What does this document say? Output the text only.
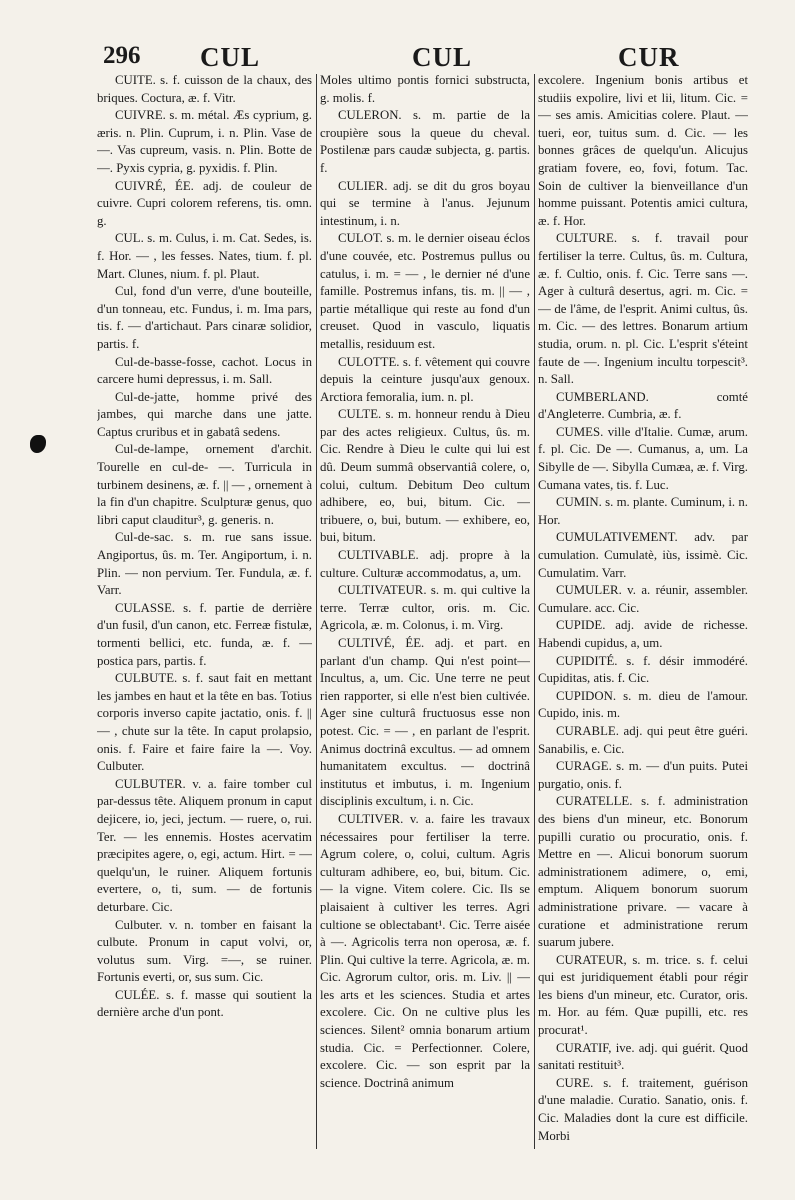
296 CUL	CUL	CUR

CUITE. s. f. cuisson de la chaux, des briques. Coctura, æ. f. Vitr.

CUIVRE. s. m. métal. Æs cyprium, g. æris. n. Plin. Cuprum, i. n. Plin. Vase de —. Vas cupreum, vasis. n. Plin. Botte de —. Pyxis cypria, g. pyxidis. f. Plin.

CUIVRÉ, ÉE. adj. de couleur de cuivre. Cupri colorem referens, tis. omn. g.

CUL. s. m. Culus, i. m. Cat. Sedes, is. f. Hor. — , les fesses. Nates, tium. f. pl. Mart. Clunes, nium. f. pl. Plaut.

Cul, fond d'un verre, d'une bouteille, d'un tonneau, etc. Fundus, i. m. Ima pars, tis. f. — d'artichaut. Pars cinaræ solidior, partis. f.

Cul-de-basse-fosse, cachot. Locus in carcere humi depressus, i. m. Sall.

Cul-de-jatte, homme privé des jambes, qui marche dans une jatte. Captus cruribus et in gabatâ sedens.

Cul-de-lampe, ornement d'archit. Tourelle en cul-de- —. Turricula in turbinem desinens, æ. f. || — , ornement à la fin d'un chapitre. Sculpturæ genus, quo libri caput clauditur³, g. generis. n.

Cul-de-sac. s. m. rue sans issue. Angiportus, ûs. m. Ter. Angiportum, i. n. Plin. — non pervium. Ter. Fundula, æ. f. Varr.

CULASSE. s. f. partie de derrière d'un fusil, d'un canon, etc. Ferreæ fistulæ, tormenti bellici, etc. funda, æ. f. — postica pars, partis. f.

CULBUTE. s. f. saut fait en mettant les jambes en haut et la tête en bas. Totius corporis inverso capite jactatio, onis. f. || — , chute sur la tête. In caput prolapsio, onis. f. Faire et faire faire la —. Voy. Culbuter.

CULBUTER. v. a. faire tomber cul par-dessus tête. Aliquem pronum in caput dejicere, io, jeci, jectum. — ruere, o, rui. Ter. — les ennemis. Hostes acervatim præcipites agere, o, egi, actum. Hirt. = — quelqu'un, le ruiner. Aliquem fortunis evertere, o, ti, sum. — de fortunis deturbare. Cic.

Culbuter. v. n. tomber en faisant la culbute. Pronum in caput volvi, or, volutus sum. Virg. =—, se ruiner. Fortunis everti, or, sus sum. Cic.

CULÉE. s. f. masse qui soutient la dernière arche d'un pont.

Moles ultimo pontis fornici substructa, g. molis. f.

CULERON. s. m. partie de la croupière sous la queue du cheval. Postilenæ pars caudæ subjecta, g. partis. f.

CULIER. adj. se dit du gros boyau qui se termine à l'anus. Jejunum intestinum, i. n.

CULOT. s. m. le dernier oiseau éclos d'une couvée, etc. Postremus pullus ou catulus, i. m. = — , le dernier né d'une famille. Postremus infans, tis. m. || — , partie métallique qui reste au fond d'un creuset. Quod in vasculo, liquatis metallis, residuum est.

CULOTTE. s. f. vêtement qui couvre depuis la ceinture jusqu'aux genoux. Arctiora femoralia, ium. n. pl.

CULTE. s. m. honneur rendu à Dieu par des actes religieux. Cultus, ûs. m. Cic. Rendre à Dieu le culte qui lui est dû. Deum summâ observantiâ colere, o, colui, cultum. Debitum Deo cultum adhibere, eo, bui, bitum. Cic. — tribuere, o, bui, butum. — exhibere, eo, bui, bitum.

CULTIVABLE. adj. propre à la culture. Culturæ accommodatus, a, um.

CULTIVATEUR. s. m. qui cultive la terre. Terræ cultor, oris. m. Cic. Agricola, æ. m. Colonus, i. m. Virg.

CULTIVÉ, ÉE. adj. et part. en parlant d'un champ. Qui n'est point— Incultus, a, um. Cic. Une terre ne peut rien rapporter, si elle n'est bien cultivée. Ager sine culturâ fructuosus esse non potest. Cic. = — , en parlant de l'esprit. Animus doctrinâ excultus. — ad omnem humanitatem excultus. — doctrinâ institutus et imbutus, i. m. Ingenium disciplinis excultum, i. n. Cic.

CULTIVER. v. a. faire les travaux nécessaires pour fertiliser la terre. Agrum colere, o, colui, cultum. Agris culturam adhibere, eo, bui, bitum. Cic. — la vigne. Vitem colere. Cic. Ils se plaisaient à cultiver les terres. Agri cultione se oblectabant¹. Cic. Terre aisée à —. Agricolis terra non operosa, æ. f. Plin. Qui cultive la terre. Agricola, æ. m. Cic. Agrorum cultor, oris. m. Liv. || — les arts et les sciences. Studia et artes excolere. Cic. On ne cultive plus les sciences. Silent² omnia bonarum artium studia. Cic. = Perfectionner. Colere, excolere. Cic. — son esprit par la science. Doctrinâ animum

excolere. Ingenium bonis artibus et studiis expolire, livi et lii, litum. Cic. = — ses amis. Amicitias colere. Plaut. — tueri, eor, tuitus sum. d. Cic. — les bonnes grâces de quelqu'un. Alicujus gratiam fovere, eo, fovi, fotum. Tac. Soin de cultiver la bienveillance d'un homme puissant. Potentis amici cultura, æ. f. Hor.

CULTURE. s. f. travail pour fertiliser la terre. Cultus, ûs. m. Cultura, æ. f. Cultio, onis. f. Cic. Terre sans —. Ager à culturâ desertus, agri. m. Cic. = — de l'âme, de l'esprit. Animi cultus, ûs. m. Cic. — des lettres. Bonarum artium studia, orum. n. pl. Cic. L'esprit s'éteint faute de —. Ingenium incultu torpescit³. n. Sall.

CUMBERLAND. comté d'Angleterre. Cumbria, æ. f.

CUMES. ville d'Italie. Cumæ, arum. f. pl. Cic. De —. Cumanus, a, um. La Sibylle de —. Sibylla Cumæa, æ. f. Virg. Cumana vates, tis. f. Luc.

CUMIN. s. m. plante. Cuminum, i. n. Hor.

CUMULATIVEMENT. adv. par cumulation. Cumulatè, iùs, issimè. Cic. Cumulatim. Varr.

CUMULER. v. a. réunir, assembler. Cumulare. acc. Cic.

CUPIDE. adj. avide de richesse. Habendi cupidus, a, um.

CUPIDITÉ. s. f. désir immodéré. Cupiditas, atis. f. Cic.

CUPIDON. s. m. dieu de l'amour. Cupido, inis. m.

CURABLE. adj. qui peut être guéri. Sanabilis, e. Cic.

CURAGE. s. m. — d'un puits. Putei purgatio, onis. f.

CURATELLE. s. f. administration des biens d'un mineur, etc. Bonorum pupilli curatio ou procuratio, onis. f. Mettre en —. Alicui bonorum suorum administrationem adimere, o, emi, emptum. Aliquem bonorum suorum administratione privare. — vacare à curatione et administratione rerum suarum jubere.

CURATEUR, s. m. trice. s. f. celui qui est juridiquement établi pour régir les biens d'un mineur, etc. Curator, oris. m. Hor. au fém. Quæ pupilli, etc. res procurat¹.

CURATIF, ive. adj. qui guérit. Quod sanitati restituit³.

CURE. s. f. traitement, guérison d'une maladie. Curatio. Sanatio, onis. f. Cic. Maladies dont la cure est difficile. Morbi
